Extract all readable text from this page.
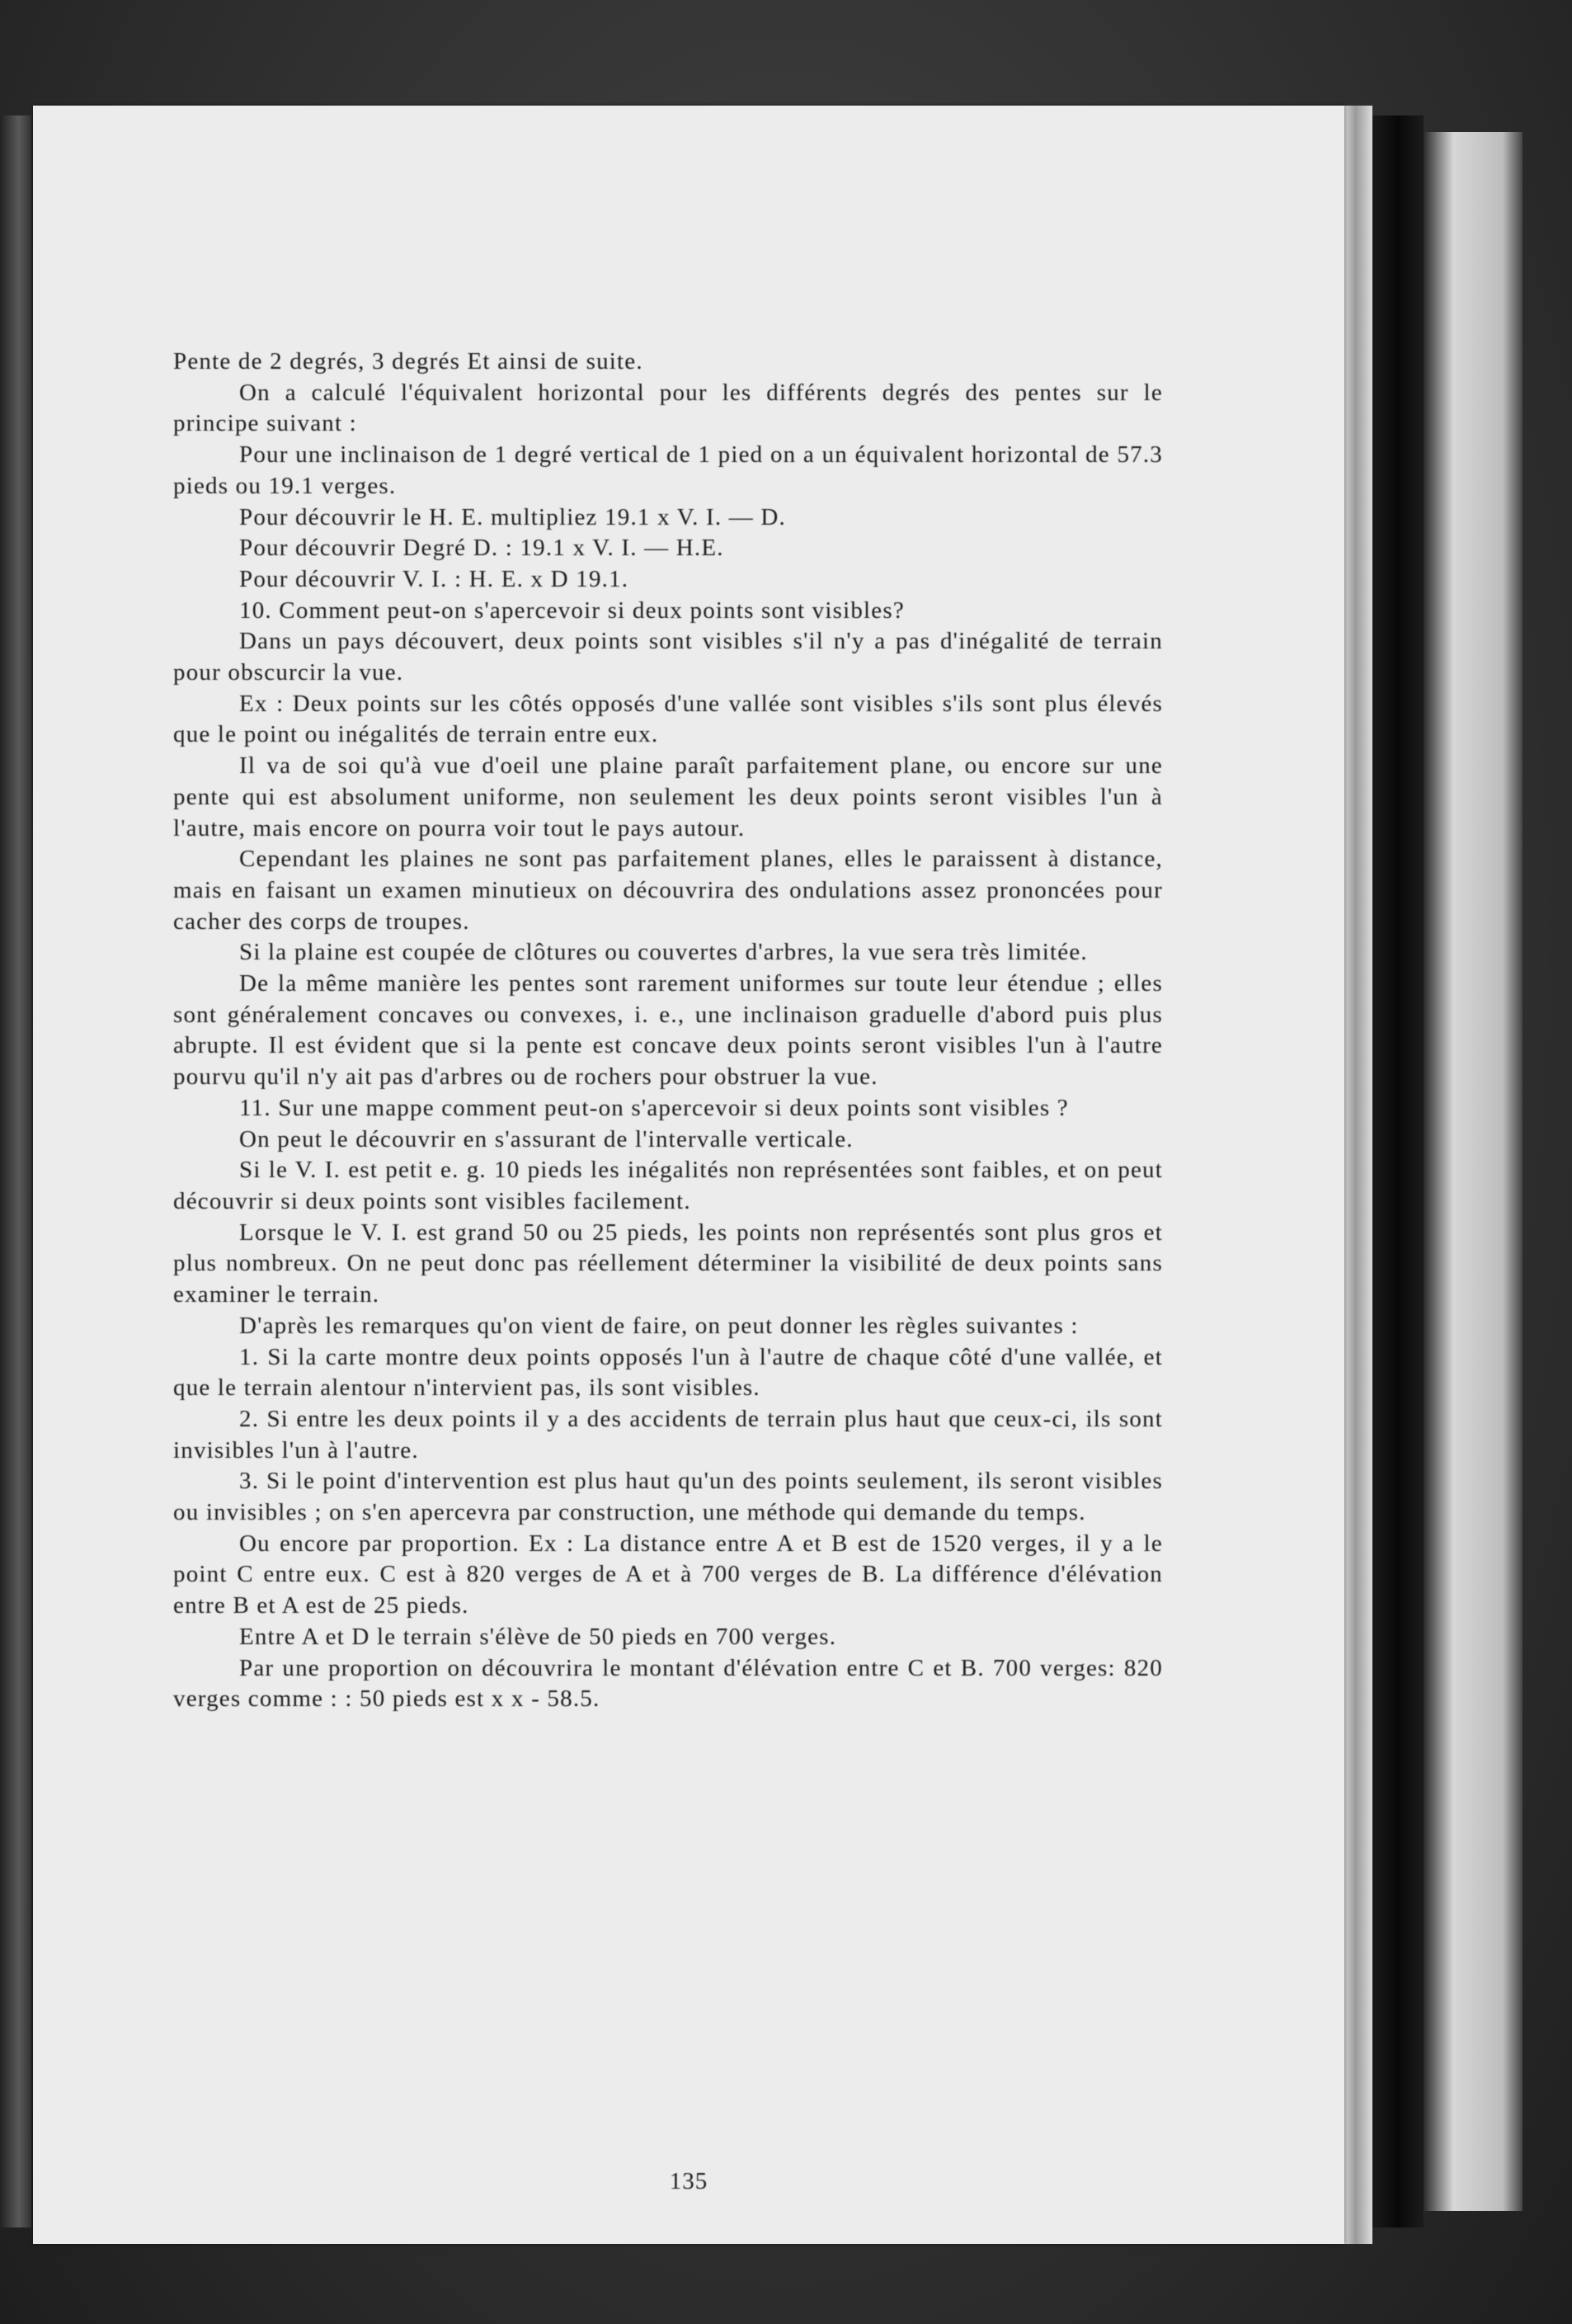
135

Pente de 2 degrés, 3 degrés Et ainsi de suite.

On a calculé l'équivalent horizontal pour les différents degrés des pentes sur le principe suivant :

Pour une inclinaison de 1 degré vertical de 1 pied on a un équivalent horizontal de 57.3 pieds ou 19.1 verges.

Pour découvrir le H. E. multipliez 19.1 x V. I. — D.

Pour découvrir Degré D. : 19.1 x V. I. — H.E.

Pour découvrir V. I. : H. E. x D 19.1.

10. Comment peut-on s'apercevoir si deux points sont visibles?

Dans un pays découvert, deux points sont visibles s'il n'y a pas d'inégalité de terrain pour obscurcir la vue.

Ex : Deux points sur les côtés opposés d'une vallée sont visibles s'ils sont plus élevés que le point ou inégalités de terrain entre eux.

Il va de soi qu'à vue d'oeil une plaine paraît parfaitement plane, ou encore sur une pente qui est absolument uniforme, non seulement les deux points seront visibles l'un à l'autre, mais encore on pourra voir tout le pays autour.

Cependant les plaines ne sont pas parfaitement planes, elles le paraissent à distance, mais en faisant un examen minutieux on découvrira des ondulations assez prononcées pour cacher des corps de troupes.

Si la plaine est coupée de clôtures ou couvertes d'arbres, la vue sera très limitée.

De la même manière les pentes sont rarement uniformes sur toute leur étendue ; elles sont généralement concaves ou convexes, i. e., une inclinaison graduelle d'abord puis plus abrupte. Il est évident que si la pente est concave deux points seront visibles l'un à l'autre pourvu qu'il n'y ait pas d'arbres ou de rochers pour obstruer la vue.

11. Sur une mappe comment peut-on s'apercevoir si deux points sont visibles ?

On peut le découvrir en s'assurant de l'intervalle verticale.

Si le V. I. est petit e. g. 10 pieds les inégalités non représentées sont faibles, et on peut découvrir si deux points sont visibles facilement.

Lorsque le V. I. est grand 50 ou 25 pieds, les points non représentés sont plus gros et plus nombreux. On ne peut donc pas réellement déterminer la visibilité de deux points sans examiner le terrain.

D'après les remarques qu'on vient de faire, on peut donner les règles suivantes :

1. Si la carte montre deux points opposés l'un à l'autre de chaque côté d'une vallée, et que le terrain alentour n'intervient pas, ils sont visibles.

2. Si entre les deux points il y a des accidents de terrain plus haut que ceux-ci, ils sont invisibles l'un à l'autre.

3. Si le point d'intervention est plus haut qu'un des points seulement, ils seront visibles ou invisibles ; on s'en apercevra par construction, une méthode qui demande du temps.

Ou encore par proportion. Ex : La distance entre A et B est de 1520 verges, il y a le point C entre eux. C est à 820 verges de A et à 700 verges de B. La différence d'élévation entre B et A est de 25 pieds.

Entre A et D le terrain s'élève de 50 pieds en 700 verges.

Par une proportion on découvrira le montant d'élévation entre C et B. 700 verges: 820 verges comme : : 50 pieds est x x - 58.5.
